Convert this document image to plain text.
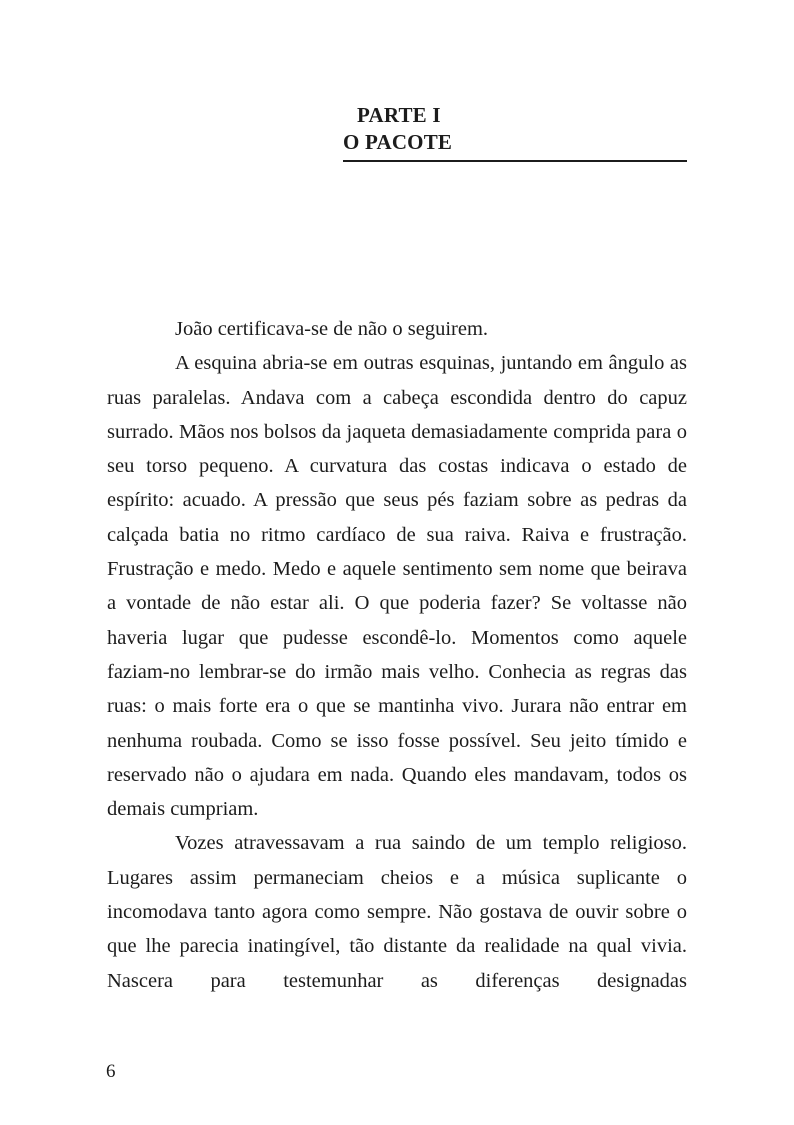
PARTE I
O PACOTE

João certificava-se de não o seguirem.

A esquina abria-se em outras esquinas, juntando em ângulo as ruas paralelas. Andava com a cabeça escondida dentro do capuz surrado. Mãos nos bolsos da jaqueta demasiadamente comprida para o seu torso pequeno. A curvatura das costas indicava o estado de espírito: acuado. A pressão que seus pés faziam sobre as pedras da calçada batia no ritmo cardíaco de sua raiva. Raiva e frustração. Frustração e medo. Medo e aquele sentimento sem nome que beirava a vontade de não estar ali. O que poderia fazer? Se voltasse não haveria lugar que pudesse escondê-lo. Momentos como aquele faziam-no lembrar-se do irmão mais velho. Conhecia as regras das ruas: o mais forte era o que se mantinha vivo. Jurara não entrar em nenhuma roubada. Como se isso fosse possível. Seu jeito tímido e reservado não o ajudara em nada. Quando eles mandavam, todos os demais cumpriam.

Vozes atravessavam a rua saindo de um templo religioso. Lugares assim permaneciam cheios e a música suplicante o incomodava tanto agora como sempre. Não gostava de ouvir sobre o que lhe parecia inatingível, tão distante da realidade na qual vivia. Nascera para testemunhar as diferenças designadas

6
